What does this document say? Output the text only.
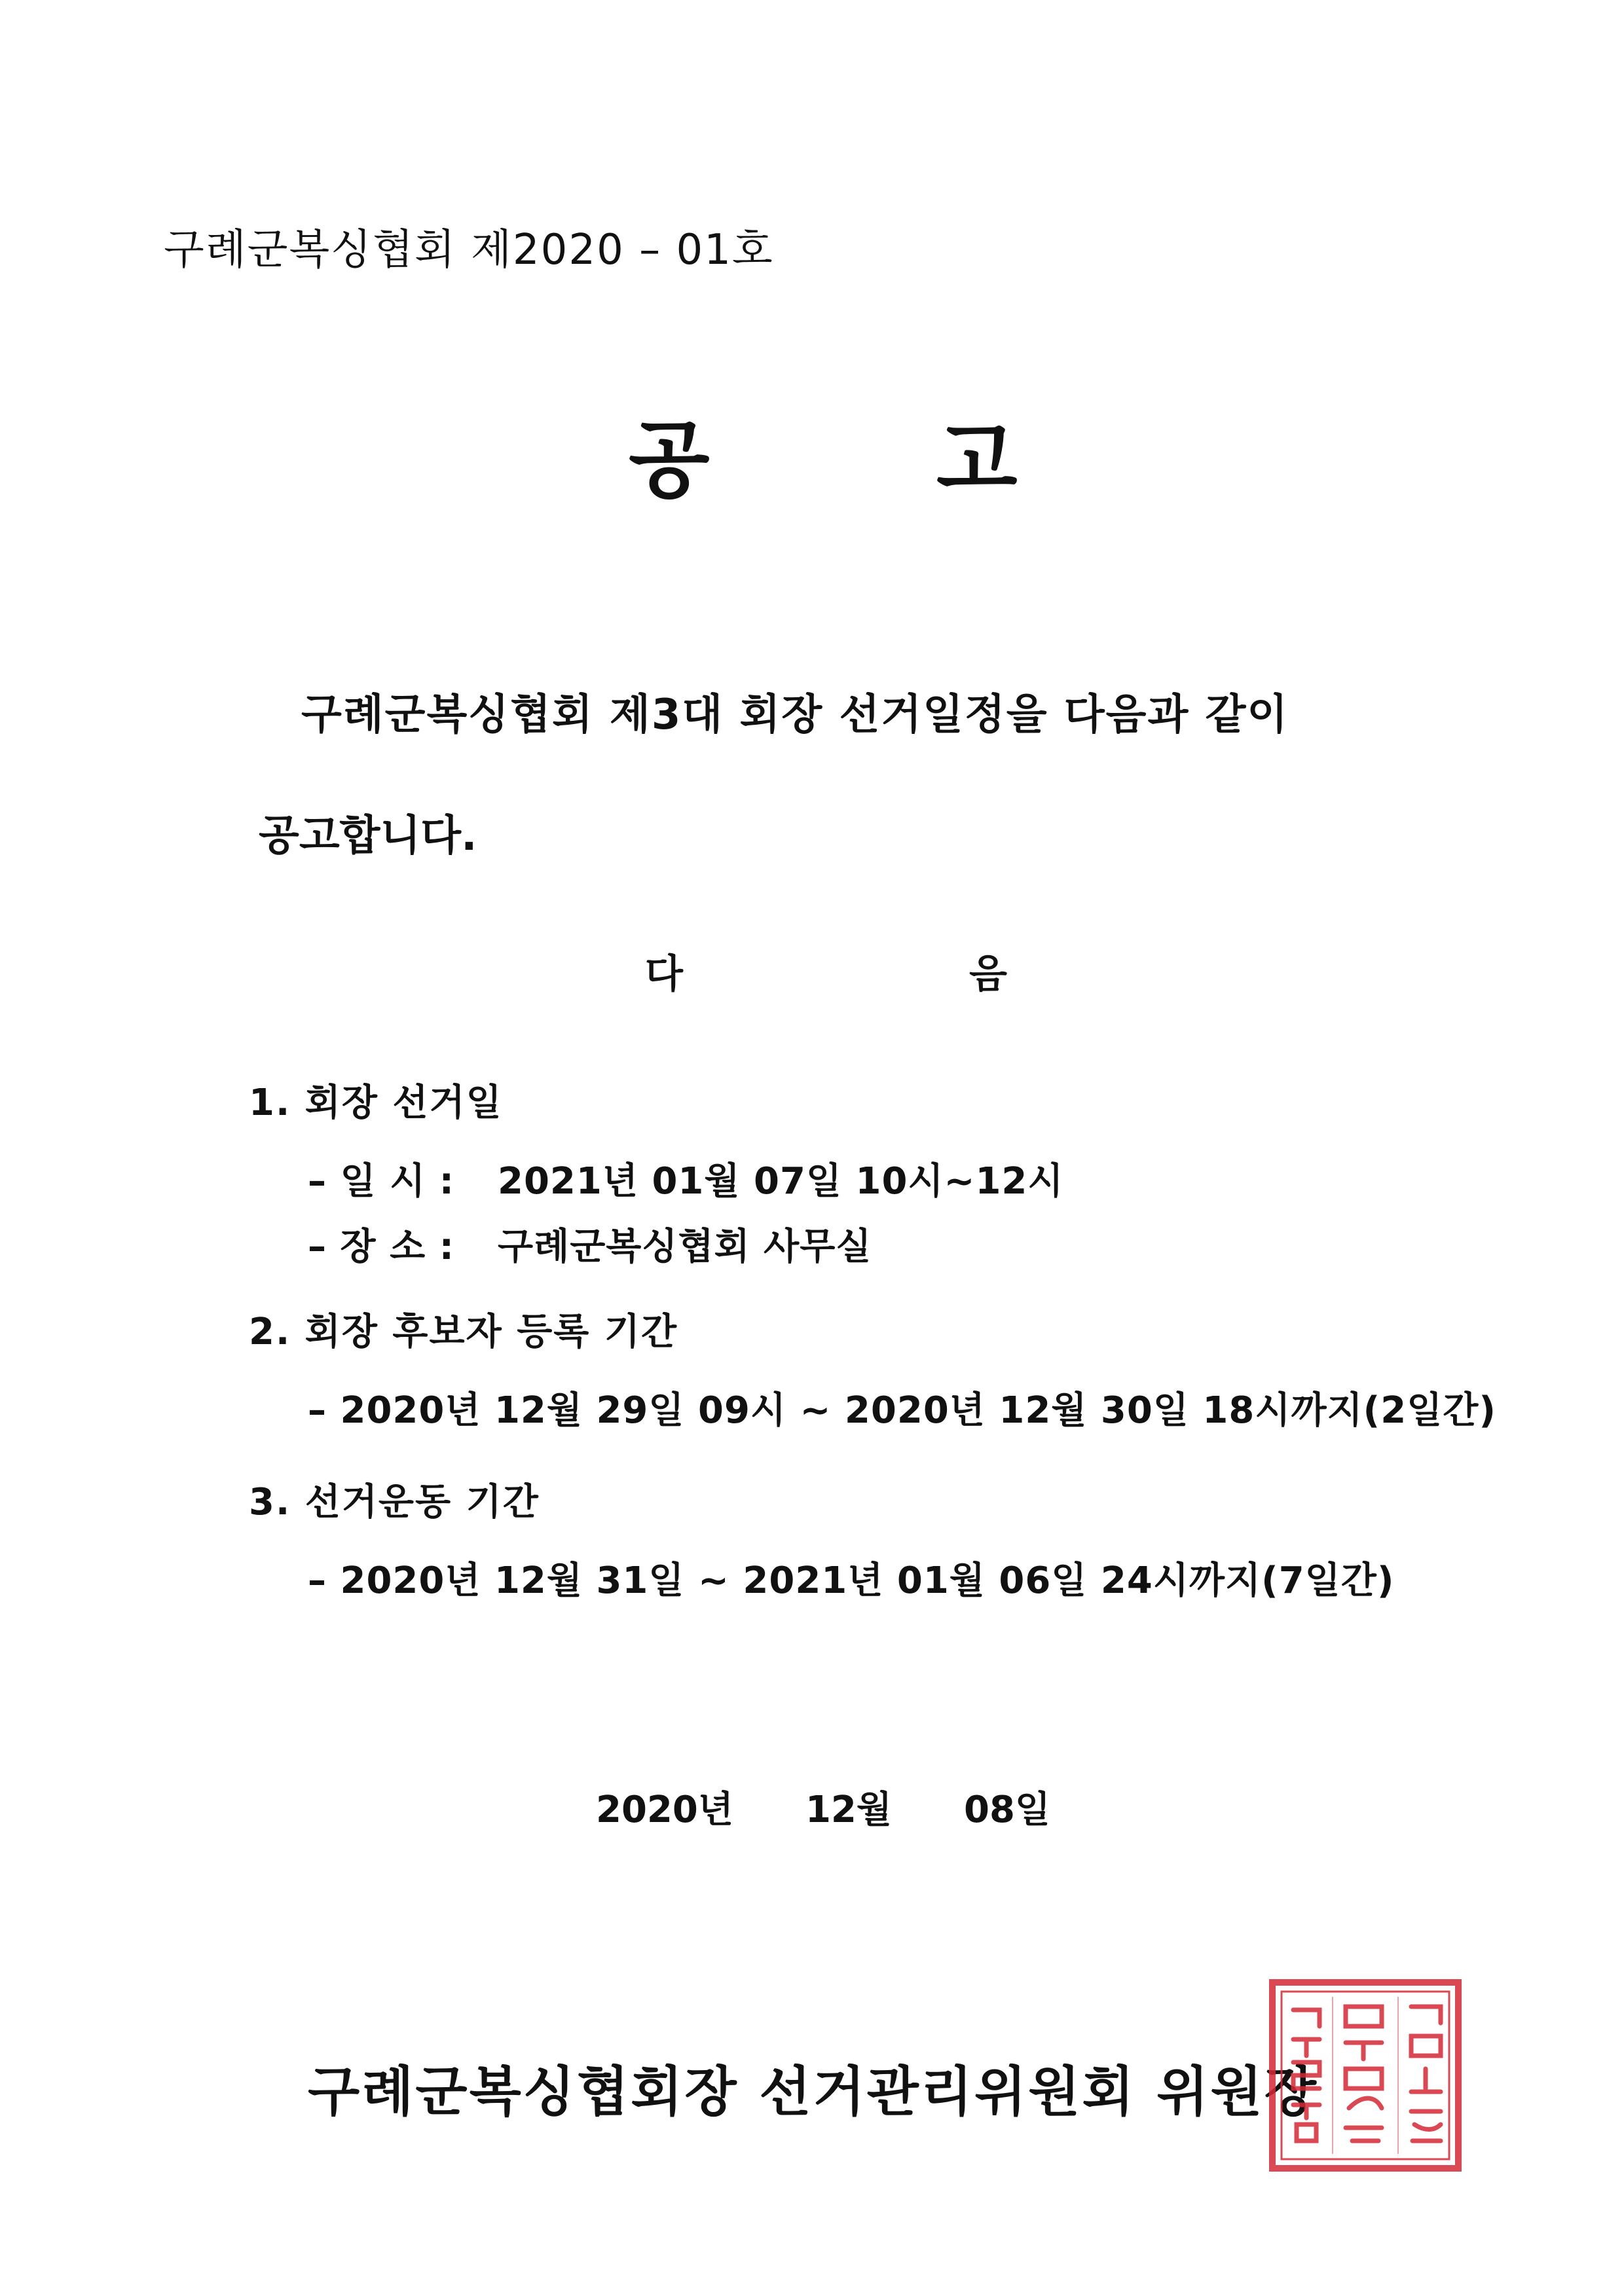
구례군복싱협회 제2020 – 01호
공	고
구례군복싱협회 제3대 회장 선거일정을 다음과 같이
공고합니다.
다	음
1. 회장 선거일
– 일 시 : 2021년 01월 07일 10시~12시
– 장 소 : 구례군복싱협회 사무실
2. 회장 후보자 등록 기간
– 2020년 12월 29일 09시 ~ 2020년 12월 30일 18시까지(2일간)
3. 선거운동 기간
– 2020년 12월 31일 ~ 2021년 01월 06일 24시까지(7일간)
2020년 12월 08일
구례군복싱협회장 선거관리위원회 위원장
